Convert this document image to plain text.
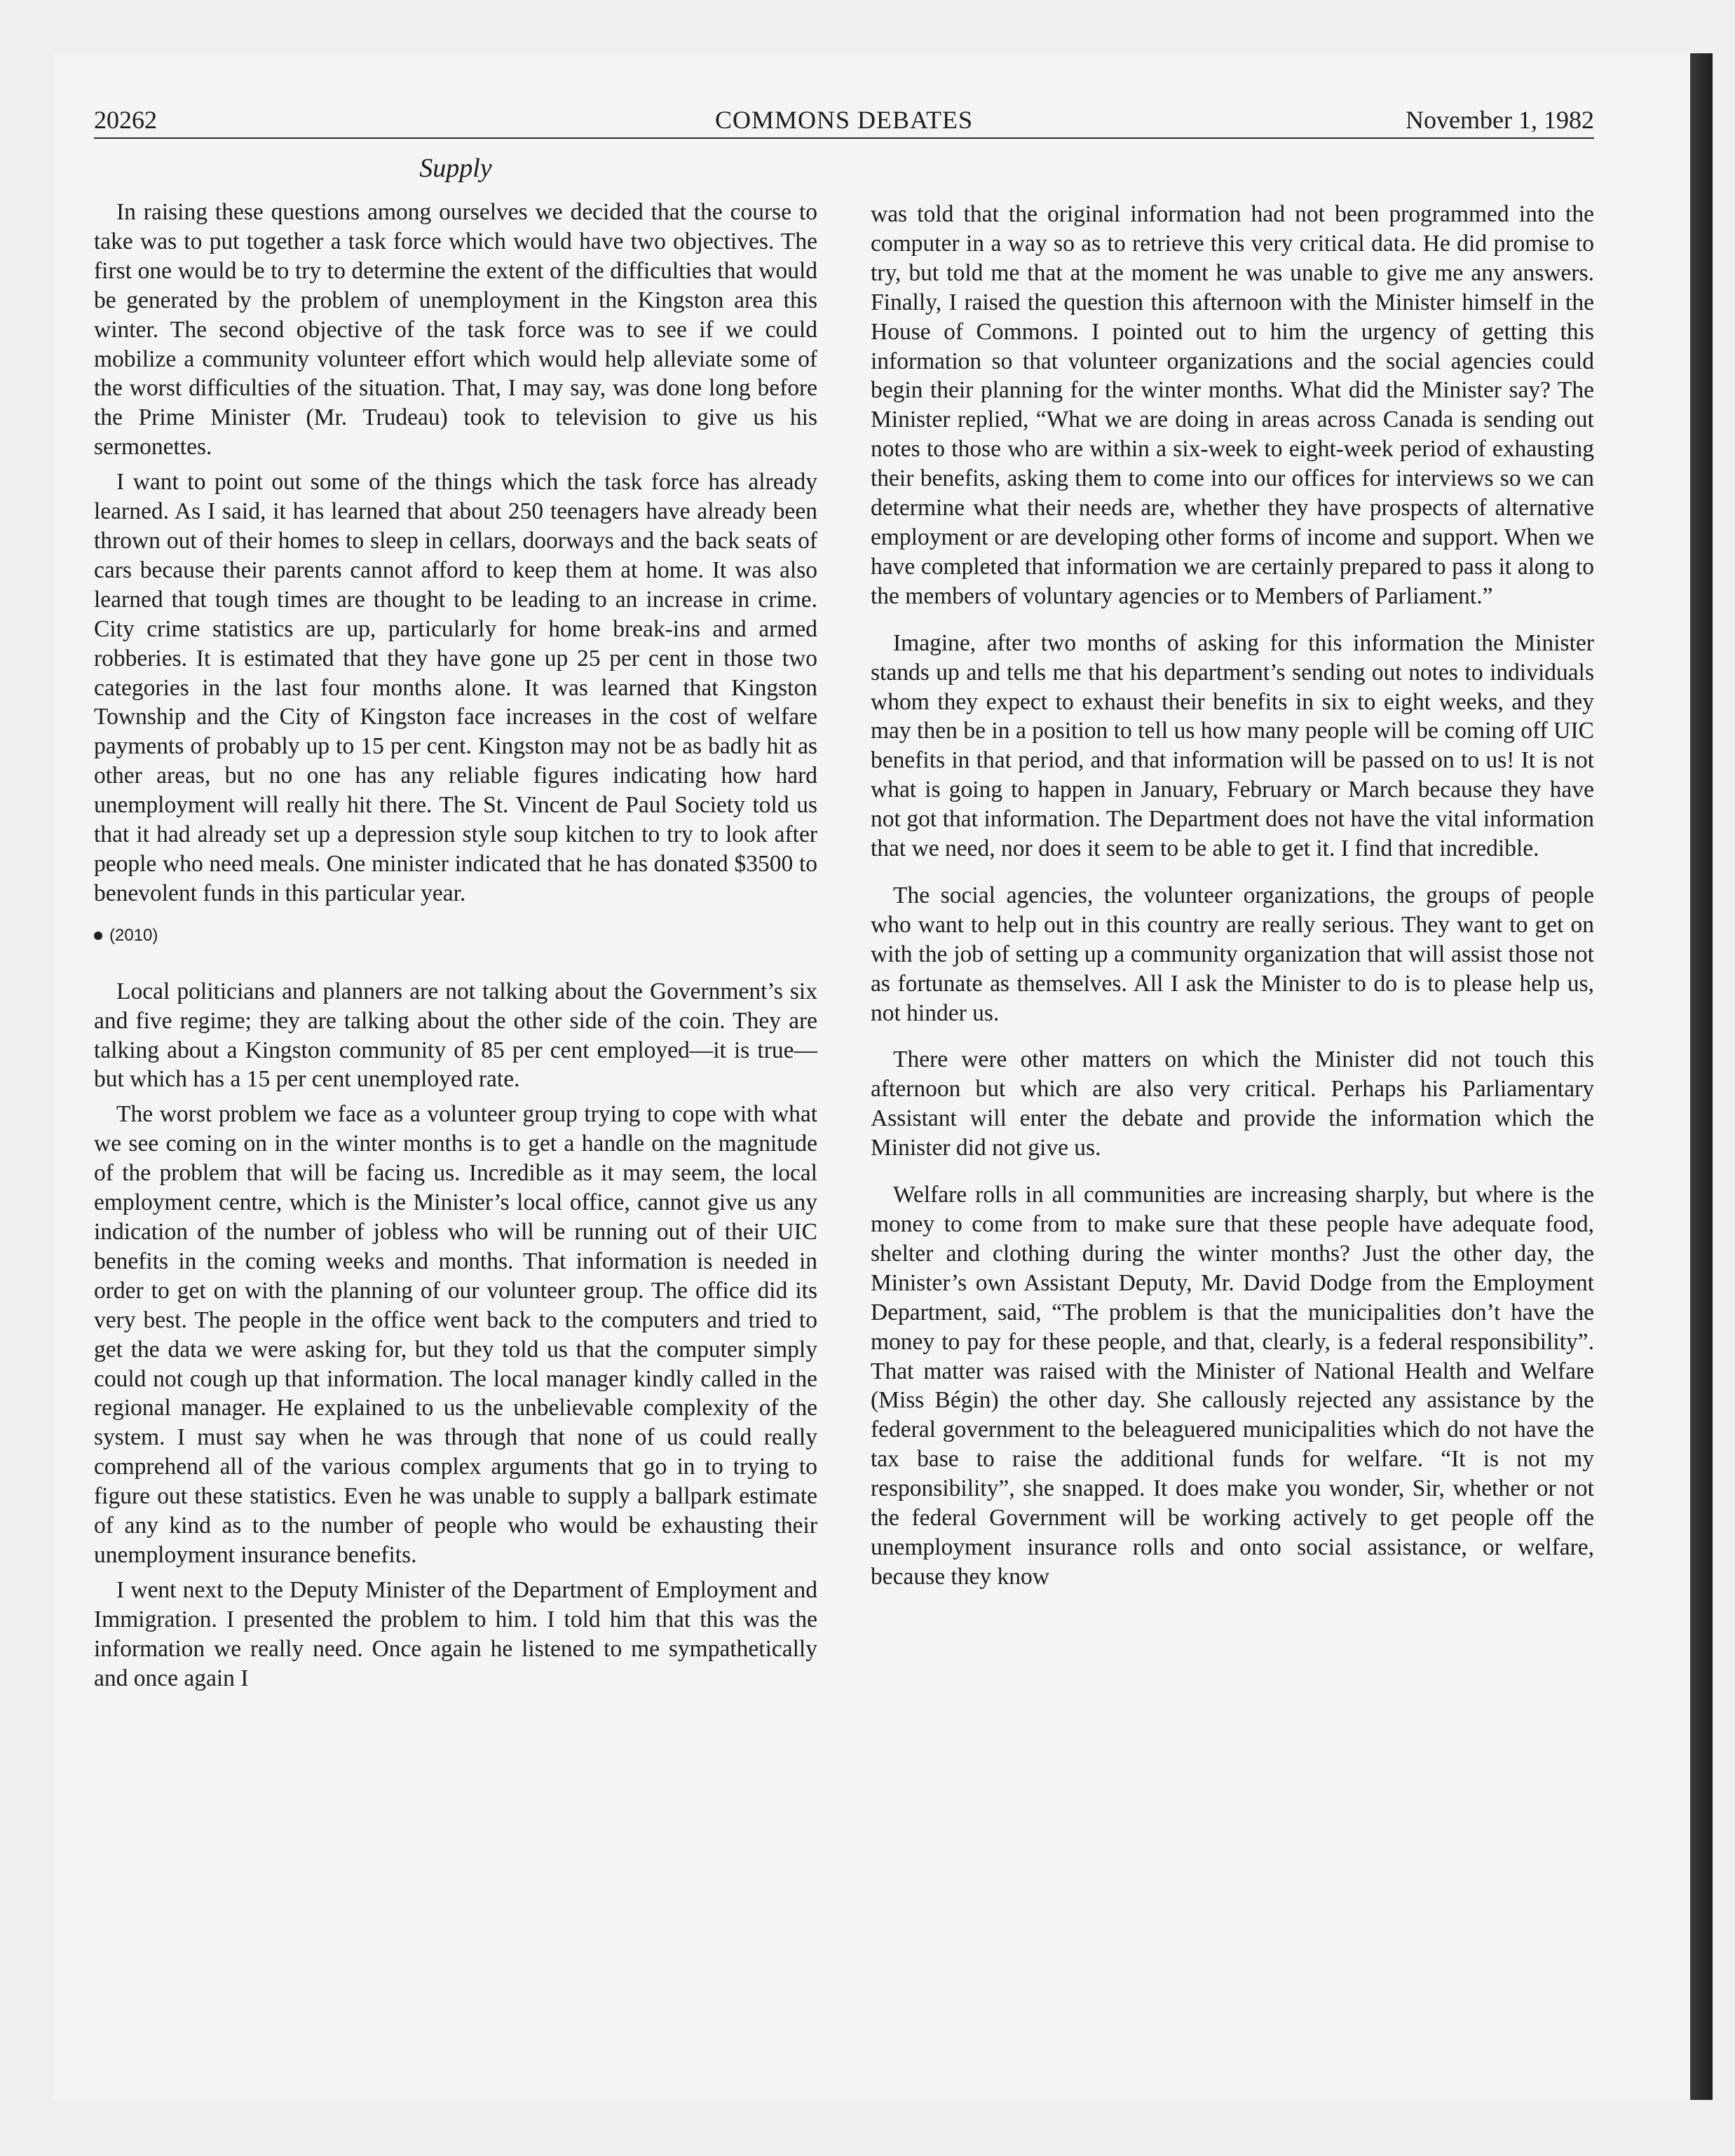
20262	COMMONS DEBATES	November 1, 1982
Supply

In raising these questions among ourselves we decided that the course to take was to put together a task force which would have two objectives. The first one would be to try to determine the extent of the difficulties that would be generated by the problem of unemployment in the Kingston area this winter. The second objective of the task force was to see if we could mobilize a community volunteer effort which would help alleviate some of the worst difficulties of the situation. That, I may say, was done long before the Prime Minister (Mr. Trudeau) took to television to give us his sermonettes.

I want to point out some of the things which the task force has already learned. As I said, it has learned that about 250 teenagers have already been thrown out of their homes to sleep in cellars, doorways and the back seats of cars because their parents cannot afford to keep them at home. It was also learned that tough times are thought to be leading to an increase in crime. City crime statistics are up, particularly for home break-ins and armed robberies. It is estimated that they have gone up 25 per cent in those two categories in the last four months alone. It was learned that Kingston Township and the City of Kingston face increases in the cost of welfare payments of probably up to 15 per cent. Kingston may not be as badly hit as other areas, but no one has any reliable figures indicating how hard unemployment will really hit there. The St. Vincent de Paul Society told us that it had already set up a depression style soup kitchen to try to look after people who need meals. One minister indicated that he has donated $3500 to benevolent funds in this particular year.

(2010)

Local politicians and planners are not talking about the Government’s six and five regime; they are talking about the other side of the coin. They are talking about a Kingston community of 85 per cent employed—it is true—but which has a 15 per cent unemployed rate.

The worst problem we face as a volunteer group trying to cope with what we see coming on in the winter months is to get a handle on the magnitude of the problem that will be facing us. Incredible as it may seem, the local employment centre, which is the Minister’s local office, cannot give us any indication of the number of jobless who will be running out of their UIC benefits in the coming weeks and months. That information is needed in order to get on with the planning of our volunteer group. The office did its very best. The people in the office went back to the computers and tried to get the data we were asking for, but they told us that the computer simply could not cough up that information. The local manager kindly called in the regional manager. He explained to us the unbelievable complexity of the system. I must say when he was through that none of us could really comprehend all of the various complex arguments that go in to trying to figure out these statistics. Even he was unable to supply a ballpark estimate of any kind as to the number of people who would be exhausting their unemployment insurance benefits.

I went next to the Deputy Minister of the Department of Employment and Immigration. I presented the problem to him. I told him that this was the information we really need. Once again he listened to me sympathetically and once again I

was told that the original information had not been programmed into the computer in a way so as to retrieve this very critical data. He did promise to try, but told me that at the moment he was unable to give me any answers. Finally, I raised the question this afternoon with the Minister himself in the House of Commons. I pointed out to him the urgency of getting this information so that volunteer organizations and the social agencies could begin their planning for the winter months. What did the Minister say? The Minister replied, “What we are doing in areas across Canada is sending out notes to those who are within a six-week to eight-week period of exhausting their benefits, asking them to come into our offices for interviews so we can determine what their needs are, whether they have prospects of alternative employment or are developing other forms of income and support. When we have completed that information we are certainly prepared to pass it along to the members of voluntary agencies or to Members of Parliament.”

Imagine, after two months of asking for this information the Minister stands up and tells me that his department’s sending out notes to individuals whom they expect to exhaust their benefits in six to eight weeks, and they may then be in a position to tell us how many people will be coming off UIC benefits in that period, and that information will be passed on to us! It is not what is going to happen in January, February or March because they have not got that information. The Department does not have the vital information that we need, nor does it seem to be able to get it. I find that incredible.

The social agencies, the volunteer organizations, the groups of people who want to help out in this country are really serious. They want to get on with the job of setting up a community organization that will assist those not as fortunate as themselves. All I ask the Minister to do is to please help us, not hinder us.

There were other matters on which the Minister did not touch this afternoon but which are also very critical. Perhaps his Parliamentary Assistant will enter the debate and provide the information which the Minister did not give us.

Welfare rolls in all communities are increasing sharply, but where is the money to come from to make sure that these people have adequate food, shelter and clothing during the winter months? Just the other day, the Minister’s own Assistant Deputy, Mr. David Dodge from the Employment Department, said, “The problem is that the municipalities don’t have the money to pay for these people, and that, clearly, is a federal responsibility”. That matter was raised with the Minister of National Health and Welfare (Miss Bégin) the other day. She callously rejected any assistance by the federal government to the beleaguered municipalities which do not have the tax base to raise the additional funds for welfare. “It is not my responsibility”, she snapped. It does make you wonder, Sir, whether or not the federal Government will be working actively to get people off the unemployment insurance rolls and onto social assistance, or welfare, because they know
